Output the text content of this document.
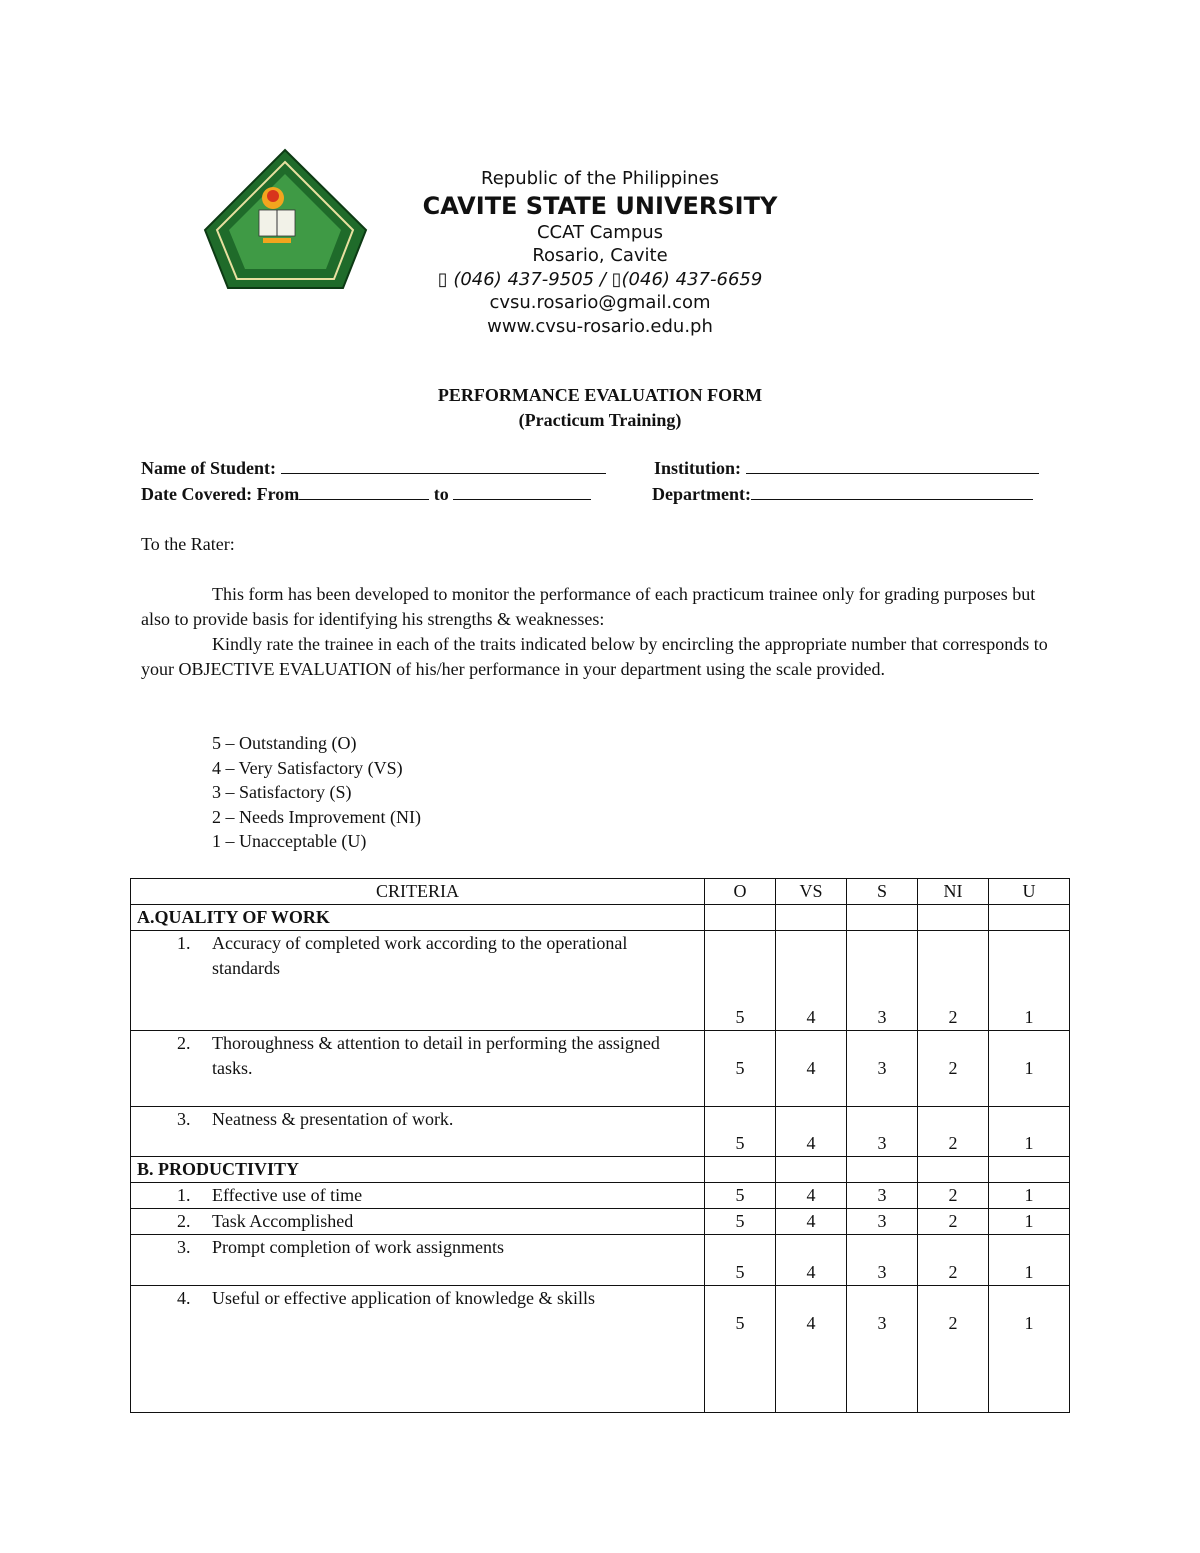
Republic of the Philippines
CAVITE STATE UNIVERSITY
CCAT Campus
Rosario, Cavite
▯ (046) 437-9505 / ▯(046) 437-6659
cvsu.rosario@gmail.com
www.cvsu-rosario.edu.ph
PERFORMANCE EVALUATION FORM
(Practicum Training)
Name of Student:	Institution:
Date Covered: From	to	Department:
To the Rater:
This form has been developed to monitor the performance of each practicum trainee only for grading purposes but also to provide basis for identifying his strengths & weaknesses:
Kindly rate the trainee in each of the traits indicated below by encircling the appropriate number that corresponds to your OBJECTIVE EVALUATION of his/her performance in your department using the scale provided.
5 – Outstanding (O)
4 – Very Satisfactory (VS)
3 – Satisfactory (S)
2 – Needs Improvement (NI)
1 – Unacceptable (U)
CRITERIA	O	VS	S	NI	U
A.QUALITY OF WORK					
1. Accuracy of completed work according to the operational standards	5	4	3	2	1
2. Thoroughness & attention to detail in performing the assigned tasks.	5	4	3	2	1
3. Neatness & presentation of work.	5	4	3	2	1
B. PRODUCTIVITY					
1. Effective use of time	5	4	3	2	1
2. Task Accomplished	5	4	3	2	1
3. Prompt completion of work assignments	5	4	3	2	1
4. Useful or effective application of knowledge & skills	5	4	3	2	1
